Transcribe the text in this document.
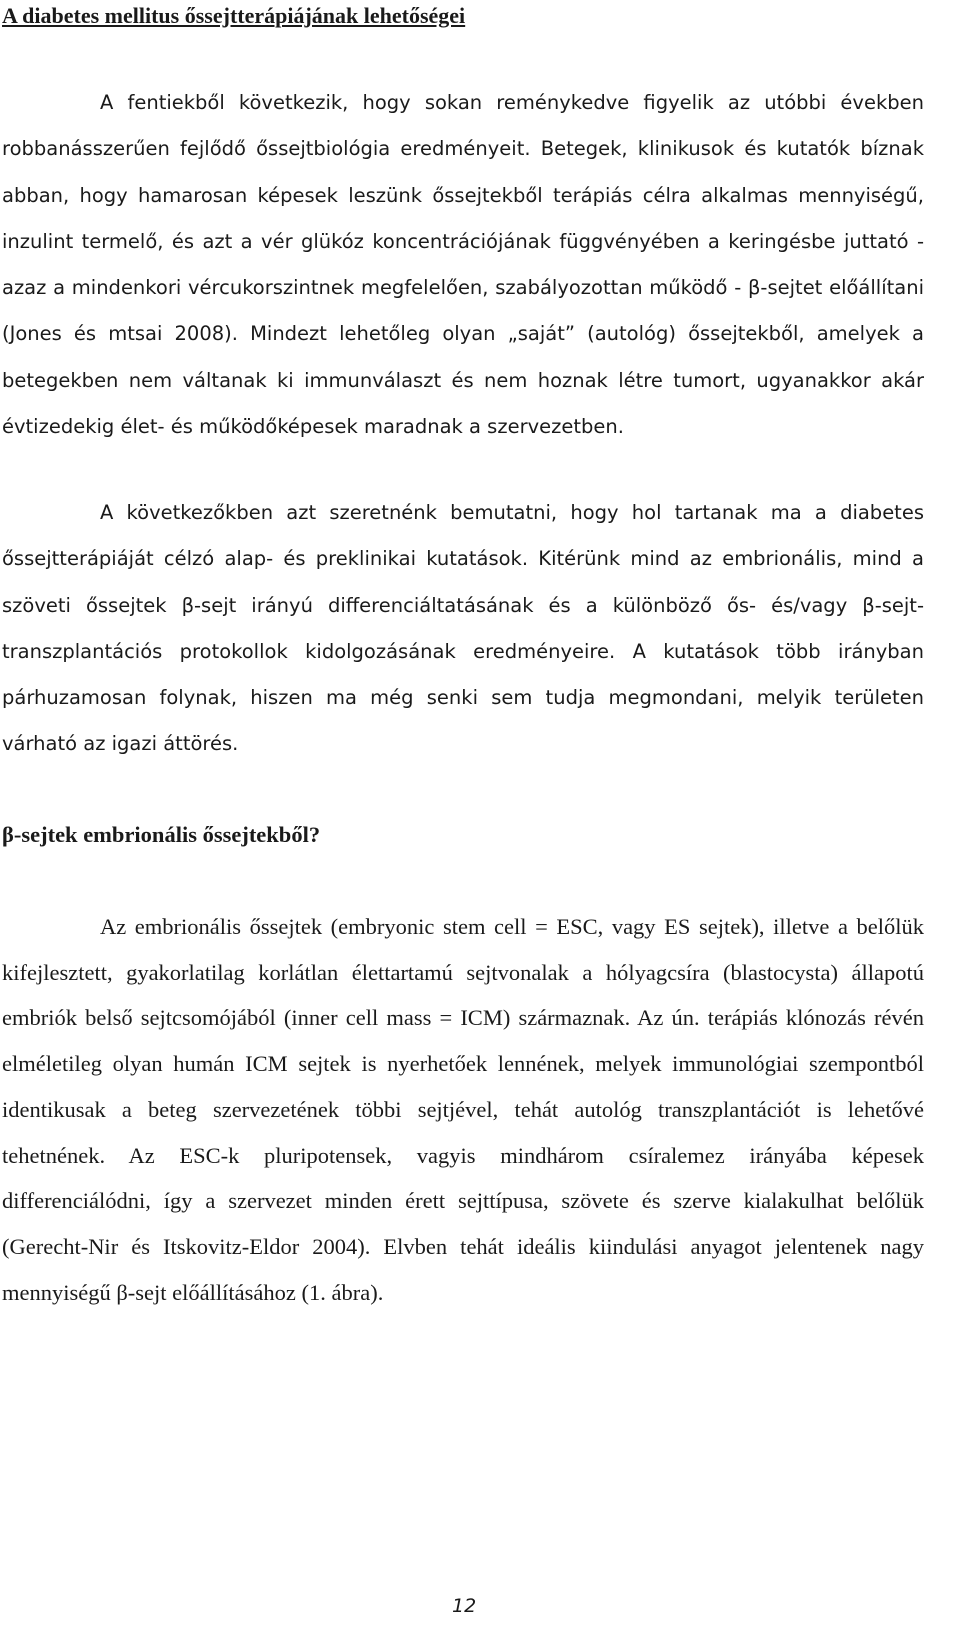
A diabetes mellitus őssejtterápiájának lehetőségei

A fentiekből következik, hogy sokan reménykedve figyelik az utóbbi években robbanásszerűen fejlődő őssejtbiológia eredményeit. Betegek, klinikusok és kutatók bíznak abban, hogy hamarosan képesek leszünk őssejtekből terápiás célra alkalmas mennyiségű, inzulint termelő, és azt a vér glükóz koncentrációjának függvényében a keringésbe juttató - azaz a mindenkori vércukorszintnek megfelelően, szabályozottan működő - β-sejtet előállítani (Jones és mtsai 2008). Mindezt lehetőleg olyan „saját” (autológ) őssejtekből, amelyek a betegekben nem váltanak ki immunválaszt és nem hoznak létre tumort, ugyanakkor akár évtizedekig élet- és működőképesek maradnak a szervezetben.

A következőkben azt szeretnénk bemutatni, hogy hol tartanak ma a diabetes őssejtterápiáját célzó alap- és preklinikai kutatások. Kitérünk mind az embrionális, mind a szöveti őssejtek β-sejt irányú differenciáltatásának és a különböző ős- és/vagy β-sejt-transzplantációs protokollok kidolgozásának eredményeire. A kutatások több irányban párhuzamosan folynak, hiszen ma még senki sem tudja megmondani, melyik területen várható az igazi áttörés.

β-sejtek embrionális őssejtekből?

Az embrionális őssejtek (embryonic stem cell = ESC, vagy ES sejtek), illetve a belőlük kifejlesztett, gyakorlatilag korlátlan élettartamú sejtvonalak a hólyagcsíra (blastocysta) állapotú embriók belső sejtcsomójából (inner cell mass = ICM) származnak. Az ún. terápiás klónozás révén elméletileg olyan humán ICM sejtek is nyerhetőek lennének, melyek immunológiai szempontból identikusak a beteg szervezetének többi sejtjével, tehát autológ transzplantációt is lehetővé tehetnének. Az ESC-k pluripotensek, vagyis mindhárom csíralemez irányába képesek differenciálódni, így a szervezet minden érett sejttípusa, szövete és szerve kialakulhat belőlük (Gerecht-Nir és Itskovitz-Eldor 2004). Elvben tehát ideális kiindulási anyagot jelentenek nagy mennyiségű β-sejt előállításához (1. ábra).

12
